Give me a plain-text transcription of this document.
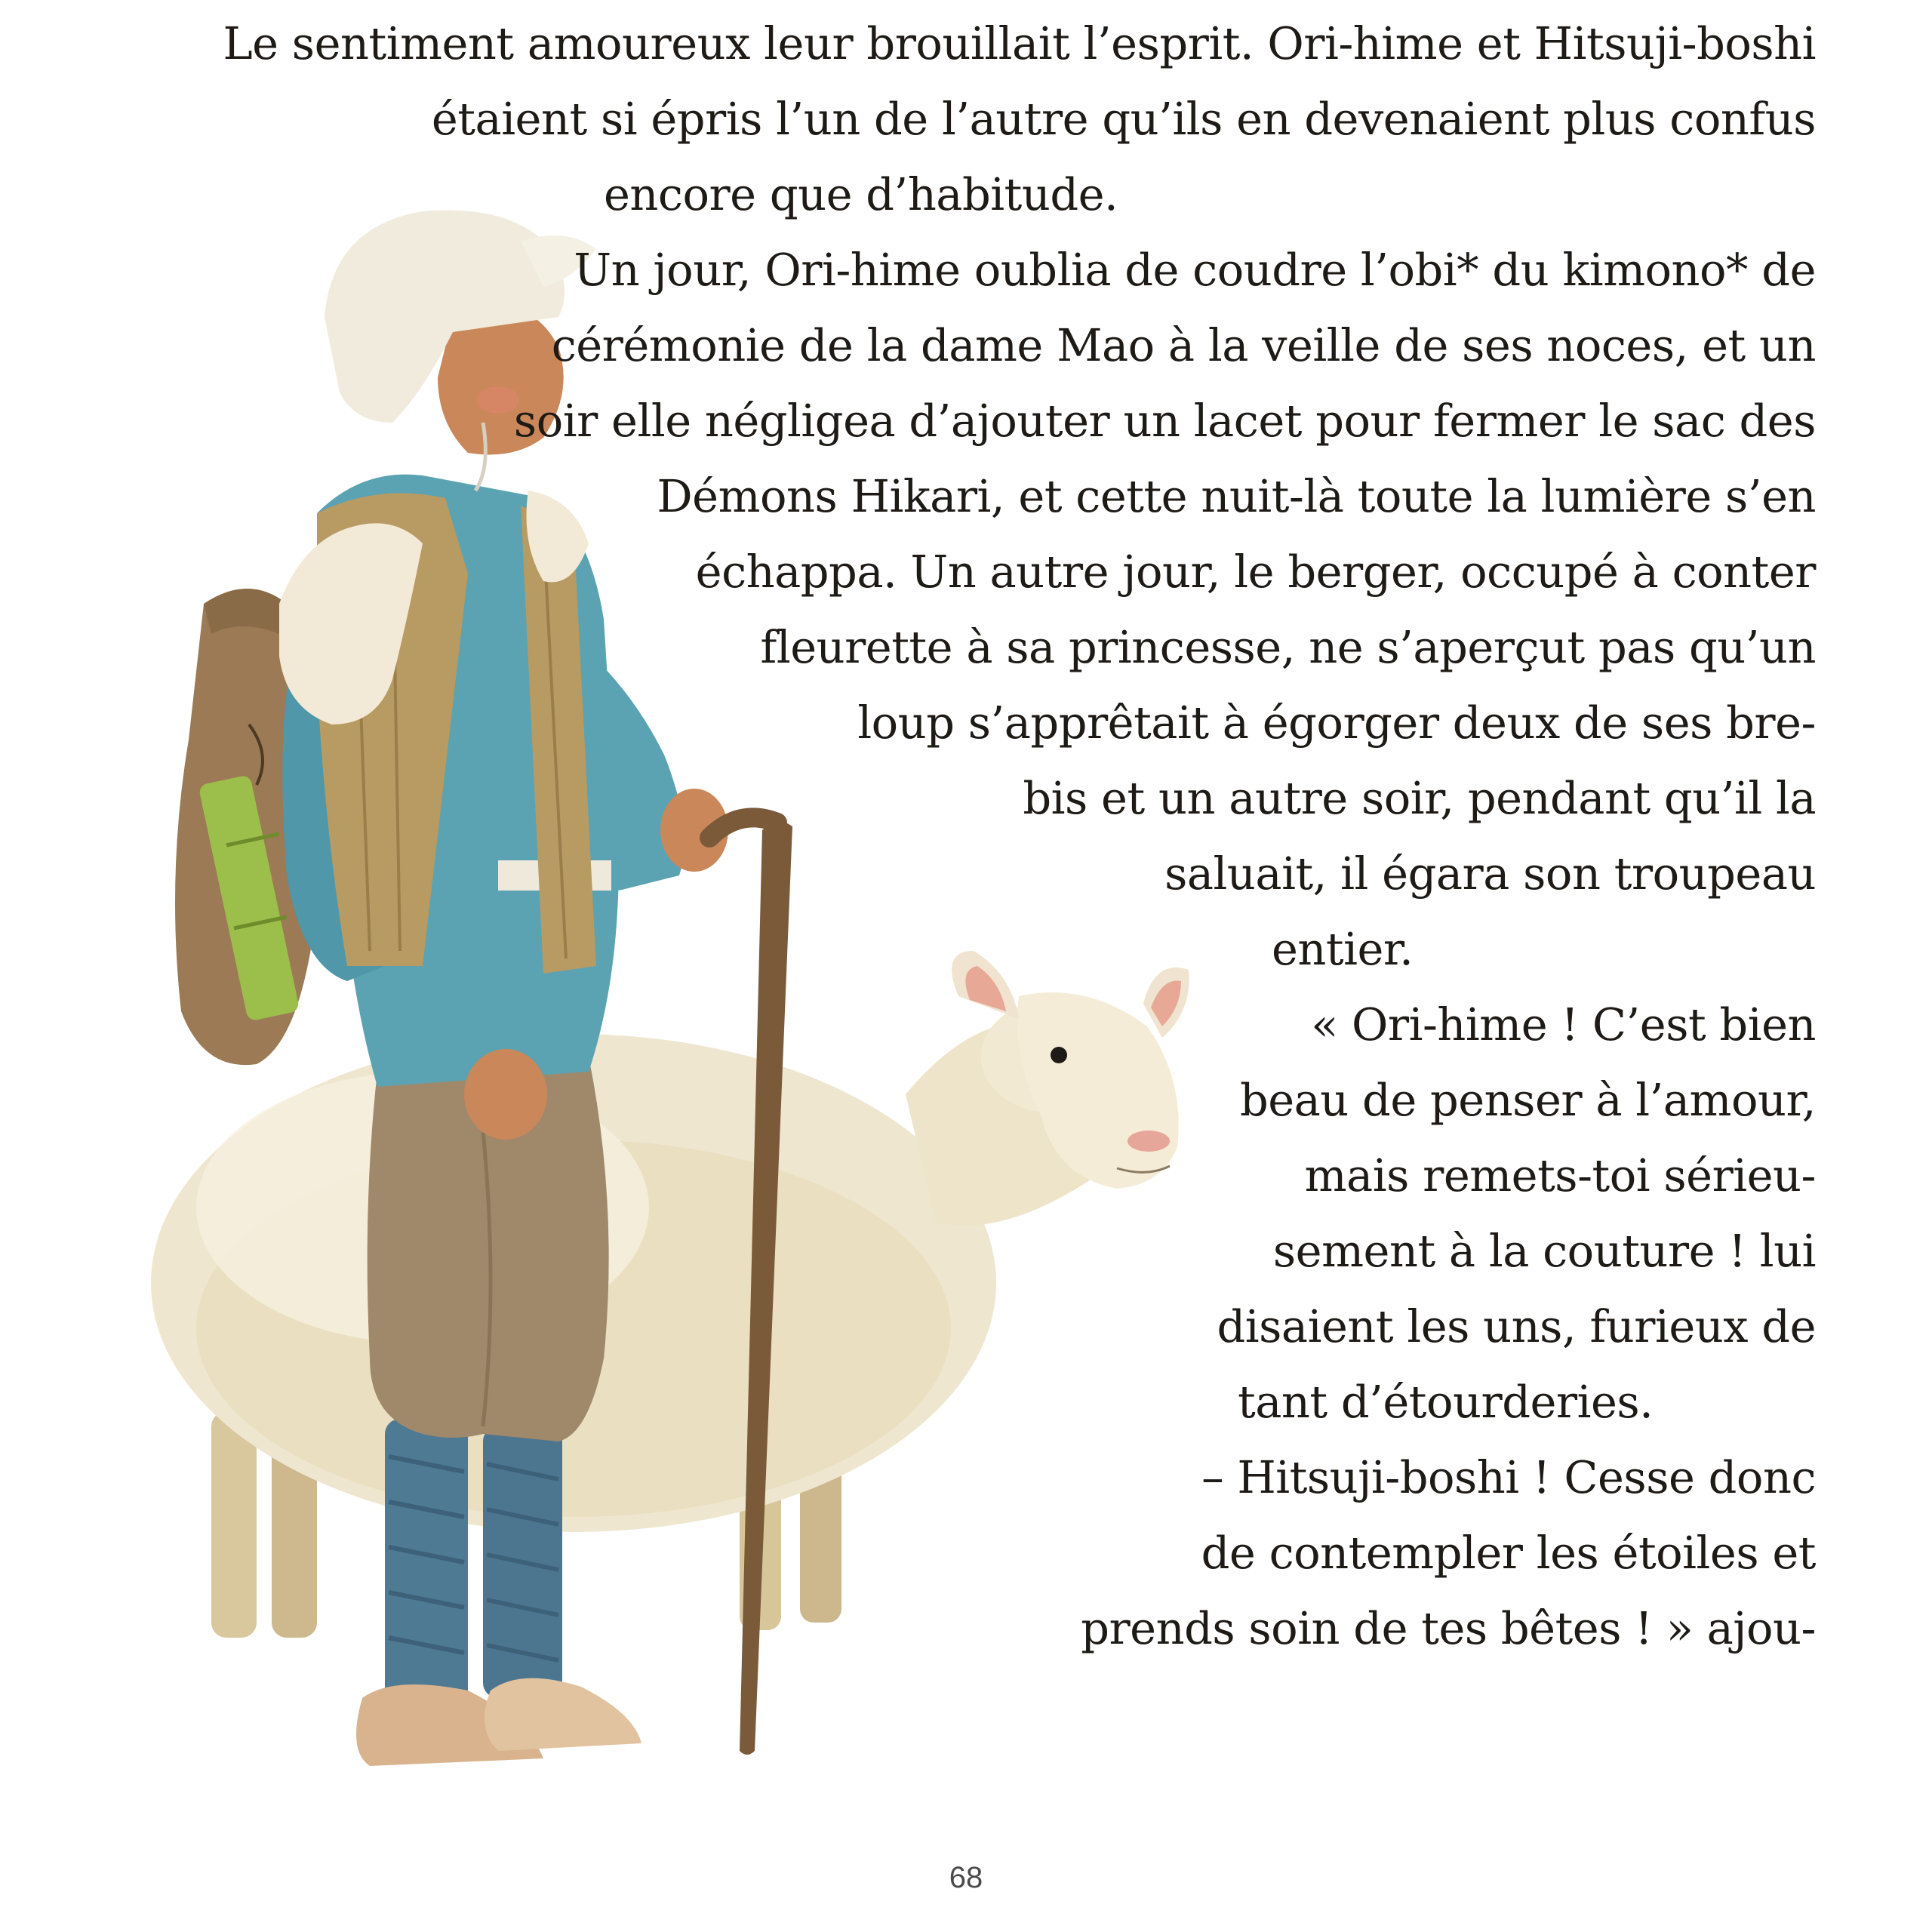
Le sentiment amoureux leur brouillait l’esprit. Ori-hime et Hitsuji-boshi

étaient si épris l’un de l’autre qu’ils en devenaient plus confus

encore que d’habitude.

Un jour, Ori-hime oublia de coudre l’obi* du kimono* de

cérémonie de la dame Mao à la veille de ses noces, et un

soir elle négligea d’ajouter un lacet pour fermer le sac des

Démons Hikari, et cette nuit-là toute la lumière s’en

échappa. Un autre jour, le berger, occupé à conter

fleurette à sa princesse, ne s’aperçut pas qu’un

loup s’apprêtait à égorger deux de ses bre-

bis et un autre soir, pendant qu’il la

saluait, il égara son troupeau

entier.

« Ori-hime ! C’est bien

beau de penser à l’amour,

mais remets-toi sérieu-

sement à la couture ! lui

disaient les uns, furieux de

tant d’étourderies.

– Hitsuji-boshi ! Cesse donc

de contempler les étoiles et

prends soin de tes bêtes ! » ajou-

68
